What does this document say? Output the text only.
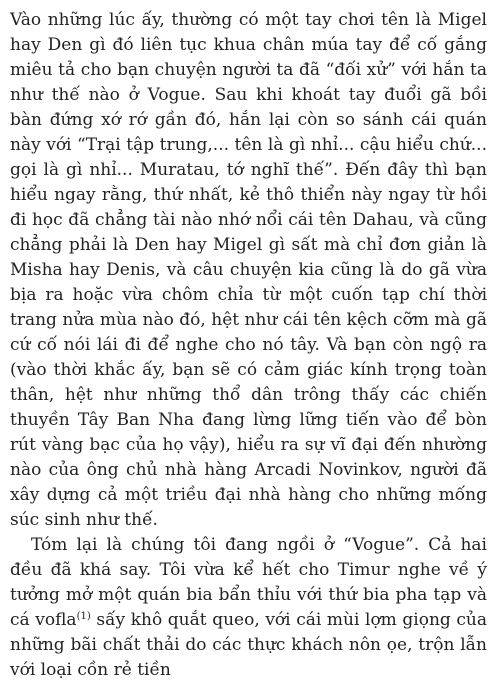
Vào những lúc ấy, thường có một tay chơi tên là Migel hay Den gì đó liên tục khua chân múa tay để cố gắng miêu tả cho bạn chuyện người ta đã “đối xử” với hắn ta như thế nào ở Vogue. Sau khi khoát tay đuổi gã bồi bàn đứng xớ rớ gần đó, hắn lại còn so sánh cái quán này với “Trại tập trung,... tên là gì nhỉ... cậu hiểu chứ... gọi là gì nhỉ... Muratau, tớ nghĩ thế”. Đến đây thì bạn hiểu ngay rằng, thứ nhất, kẻ thô thiển này ngay từ hồi đi học đã chẳng tài nào nhớ nổi cái tên Dahau, và cũng chẳng phải là Den hay Migel gì sất mà chỉ đơn giản là Misha hay Denis, và câu chuyện kia cũng là do gã vừa bịa ra hoặc vừa chôm chỉa từ một cuốn tạp chí thời trang nửa mùa nào đó, hệt như cái tên kệch cỡm mà gã cứ cố nói lái đi để nghe cho nó tây. Và bạn còn ngộ ra (vào thời khắc ấy, bạn sẽ có cảm giác kính trọng toàn thân, hệt như những thổ dân trông thấy các chiến thuyền Tây Ban Nha đang lừng lững tiến vào để bòn rút vàng bạc của họ vậy), hiểu ra sự vĩ đại đến nhường nào của ông chủ nhà hàng Arcadi Novinkov, người đã xây dựng cả một triều đại nhà hàng cho những mống súc sinh như thế.

Tóm lại là chúng tôi đang ngồi ở “Vogue”. Cả hai đều đã khá say. Tôi vừa kể hết cho Timur nghe về ý tưởng mở một quán bia bẩn thỉu với thứ bia pha tạp và cá vofla$^{(1)}$ sấy khô quắt queo, với cái mùi lợm giọng của những bãi chất thải do các thực khách nôn ọe, trộn lẫn với loại cồn rẻ tiền
